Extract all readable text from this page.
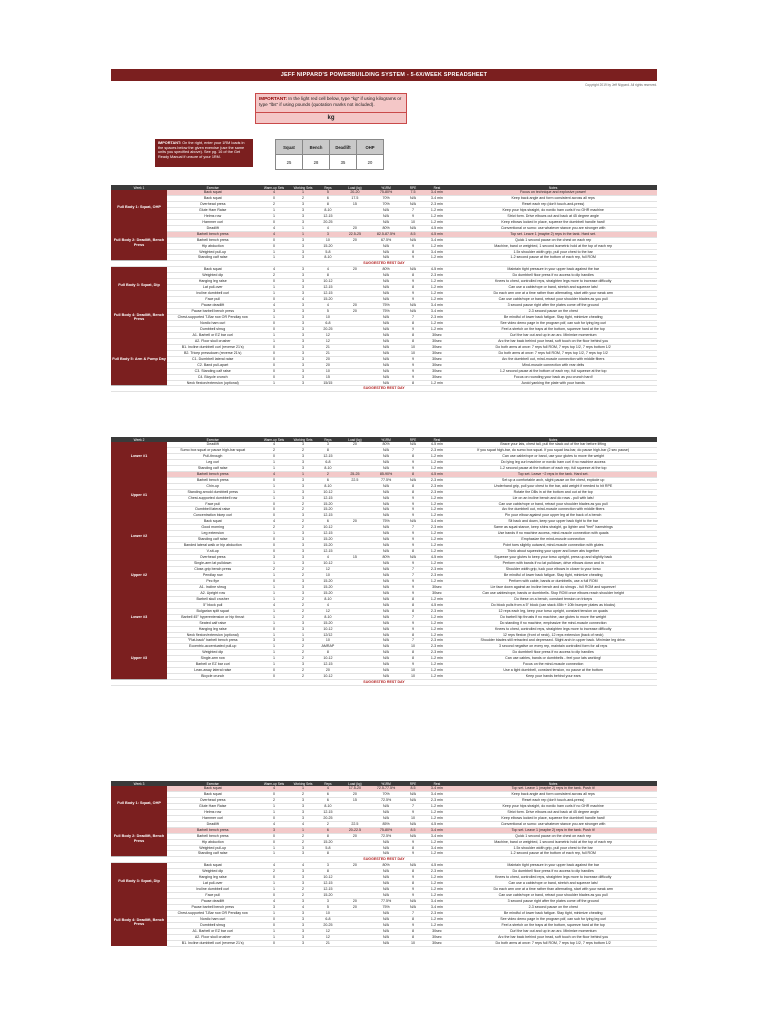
JEFF NIPPARD'S POWERBUILDING SYSTEM - 5-6X/WEEK SPREADSHEET
Copyright 2019 by Jeff Nippard. All rights reserved.
IMPORTANT: In the light red cell below, type "kg" if using kilograms or type "lbs" if using pounds (quotation marks not included).
kg
IMPORTANT: On the right, enter your 1RM loads in the spaces below the given exercise (use the same units you specified above). See pg. 16 of the Get Ready Manual if unsure of your 1RM.
Squat	Bench	Deadlift	OHP
25	28	35	20
Week 1	Exercise	Warm-up Sets	Working Sets	Reps	Load (kg)	%1RM	RPE	Rest	Notes
Full Body 1: Squat, OHP	Back squat	4	1	5	20-20	75-80%	7.5	3-4 min	Focus on technique and explosive power!
	Back squat	0	2	6	17.5	70%	N/A	3-4 min	Keep back angle and form consistent across all reps
	Overhead press	2	3	8	15	70%	N/A	2-3 min	Reset each rep (don't touch-and-press)
	Glute Ham Raise	1	3	8-10		N/A	7	1-2 min	Keep your hips straight, do nordic ham curls if no GHR machine
	Helms row	1	3	12-15		N/A	9	1-2 min	Strict form. Drive elbows out and back at 45 degree angle
	Hammer curl	0	3	20-25		N/A	10	1-2 min	Keep elbows locked in place, squeeze the dumbbell handle hard!
Full Body 2: Deadlift, Bench Press	Deadlift	4	1	4	20	80%	N/A	4-5 min	Conventional or sumo: use whatever stance you are stronger with
	Barbell bench press	4	1	3	22.5-25	82.5-87.5%	8.5	4-5 min	Top set. Leave 1 (maybe 2) reps in the tank. Hard set.
	Barbell bench press	0	3	10	20	67.5%	N/A	3-4 min	Quick 1 second pause on the chest on each rep
	Hip abduction	0	3	15-20		N/A	9	1-2 min	Machine, band or weighted, 1 second isometric hold at the top of each rep
	Weighted pull-up	1	3	5-8		N/A	8	3-4 min	1.5x shoulder width grip, pull your chest to the bar
	Standing calf raise	1	3	8-10		N/A	9	1-2 min	1-2 second pause at the bottom of each rep, full ROM
SUGGESTED REST DAY									
Full Body 3: Squat, Dip	Back squat	4	3	4	20	80%	N/A	4-5 min	Maintain tight pressure in your upper back against the bar
	Weighted dip	2	3	8		N/A	8	2-3 min	Do dumbbell floor press if no access to dip handles
	Hanging leg raise	0	3	10-12		N/A	9	1-2 min	Knees to chest, controlled reps, straighten legs more to increase difficulty
	Lat pull-over	1	3	12-15		N/A	8	1-2 min	Can use a cable/rope or band, stretch and squeeze lats!
	Incline dumbbell curl	1	3	12-15		N/A	9	1-2 min	Do each arm one at a time rather than alternating, start with your weak arm
	Face pull	0	4	15-20		N/A	9	1-2 min	Can use cable/rope or band, retract your shoulder blades as you pull
Full Body 4: Deadlift, Bench Press	Pause deadlift	4	3	4	20	75%	N/A	3-4 min	3 second pause right after the plates come off the ground
	Pause barbell bench press	3	3	5	20	75%	N/A	3-4 min	2-3 second pause on the chest
	Chest-supported T-Bar row OR Pendlay row	1	3	10		N/A	7	2-3 min	Be mindful of lower back fatigue. Stay tight, minimize cheating
	Nordic ham curl	0	3	6-8		N/A	8	1-2 min	See video demo page in the program pdf, can sub for lying leg curl
	Dumbbell shrug	0	3	20-25		N/A	9	1-2 min	Feel a stretch on the traps at the bottom, squeeze hard at the top
Full Body 5: Arm & Pump Day	A1. Barbell or EZ bar curl	1	3	12		N/A	8	30sec	Curl the bar out and up in an arc. Minimize momentum
	A2. Floor skull crusher	1	3	12		N/A	8	30sec	Arc the bar back behind your head, soft touch on the floor behind you
	B1. Incline dumbbell curl (reverse 21's)	0	3	21		N/A	10	30sec	Do both arms at once: 7 reps full ROM, 7 reps top 1/2, 7 reps bottom 1/2
	B2. Tricep pressdown (reverse 21's)	0	3	21		N/A	10	30sec	Do both arms at once: 7 reps full ROM, 7 reps top 1/2, 7 reps top 1/2
	C1. Dumbbell lateral raise	0	3	20		N/A	9	30sec	Arc the dumbbell out, mind-muscle connection with middle fibers
	C2. Band pull-apart	0	3	20		N/A	9	30sec	Mind-muscle connection with rear delts
	C3. Standing calf raise	0	3	10		N/A	9	30sec	1-2 second pause at the bottom of each rep, full squeeze at the top
	C4. Bicycle crunch	0	3	15		N/A	9	30sec	Focus on rounding your back as you crunch hard!
	Neck flexion/extension (optional)	1	3	15/15		N/A	8	1-2 min	Avoid yanking the plate with your hands
SUGGESTED REST DAY									
Week 2	Exercise	Warm-up Sets	Working Sets	Reps	Load (kg)	%1RM	RPE	Rest	Notes
Lower #1	Deadlift	4	3	3	20	80%	N/A	4-5 min	Brace your lats, chest tall, pull the slack out of the bar before lifting
	Sumo box squat or pause high-bar squat	2	2	8		N/A	7	2-3 min	If you squat high-bar, do sumo box squat. If you squat low-bar, do pause high-bar (2 sec pause)
	Pull-through	0	3	12-15		N/A	8	1-2 min	Can use cable/rope or band, use your glutes to move the weight
	Leg curl	1	3	6-8		N/A	9	1-2 min	Do lying leg curl machine or nordic ham curl if no machine access
	Standing calf raise	1	3	8-10		N/A	9	1-2 min	1-2 second pause at the bottom of each rep, full squeeze at the top
Upper #1	Barbell bench press	4	1	2	25-25	85-90%	8	4-5 min	Top set. Leave ~2 reps in the tank. Hard set.
	Barbell bench press	0	3	6	22.5	77.5%	N/A	2-3 min	Set up a comfortable arch, slight pause on the chest, explode up
	Chin-up	1	3	8-10		N/A	8	2-3 min	Underhand grip, pull your chest to the bar, add weight if needed to hit RPE
	Standing arnold dumbbell press	1	3	10-12		N/A	8	2-3 min	Rotate the DBs in at the bottom and out at the top
	Chest-supported dumbbell row	1	3	12-15		N/A	9	1-2 min	Lie on an incline bench and do rows - pull with lats!
	Face pull	0	2	15-20		N/A	9	1-2 min	Can use cable/rope or band, retract your shoulder blades as you pull
	Dumbbell lateral raise	0	2	15-20		N/A	9	1-2 min	Arc the dumbbell out, mind-muscle connection with middle fibers
	Concentration bicep curl	0	3	12-15		N/A	9	1-2 min	Pin your elbow against your upper leg at the back of a bench
Lower #2	Back squat	4	2	6	20	75%	N/A	3-4 min	Sit back and down, keep your upper back tight to the bar
	Good morning	2	2	10-12		N/A	7	2-3 min	Same as squat stance, keep shins straight, go lighter and "feel" hamstrings
	Leg extension	1	3	12-15		N/A	9	1-2 min	Use bands if no machine access, mind-muscle connection with quads
	Standing calf raise	0	3	15-20		N/A	9	1-2 min	Emphasize the mind-muscle connection
	Banded lateral walk or hip abduction	0	3	15-20		N/A	9	1-2 min	Point toes slightly outward, mind-muscle connection with glutes
	V-sit-up	0	3	12-15		N/A	8	1-2 min	Think about squeezing your upper and lower abs together
Upper #2	Overhead press	3	3	4	15	80%	N/A	4-5 min	Squeeze your glutes to keep your torso upright, press up and slightly back
	Single-arm lat pulldown	1	3	10-12		N/A	9	1-2 min	Perform with bands if no lat pulldown, drive elbows down and in
	Close-grip bench press	2	2	12		N/A	7	2-3 min	Shoulder width grip, tuck your elbows in closer to your torso
	Pendlay row	1	2	10		N/A	7	2-3 min	Be mindful of lower back fatigue. Stay tight, minimize cheating
	Pec flye	0	3	15-20		N/A	9	1-2 min	Perform with cable, bands or dumbbells, use a full ROM
	A1. Incline shrug	1	3	15-20		N/A	9	30sec	Lie face down against an incline bench and do shrugs - full ROM and squeeze!
	A2. Upright row	1	3	15-20		N/A	9	30sec	Can use cables/rope, bands or dumbbells. Stop ROM once elbows reach shoulder height
Lower #3	Barbell skull crusher	1	2	8-10		N/A	8	1-2 min	Do these on a bench, constant tension on triceps
	5" block pull	4	2	4		N/A	8	4-5 min	Do block pulls from a 5" block (can stack 45lb + 10lb bumper plates as blocks)
	Bulgarian split squat	1	2	12		N/A	8	2-3 min	12 reps each leg, keep your torso upright, constant tension on quads
	Barbell 45° hyperextension or hip thrust	1	2	8-10		N/A	7	1-2 min	Do barbell hip thrusts if no machine, use glutes to move the weight
	Seated calf raise	1	3	15-20		N/A	9	1-2 min	Do standing if no machine, emphasize the mind-muscle connection
	Hanging leg raise	0	3	10-12		N/A	9	1-2 min	Knees to chest, controlled reps, straighten legs more to increase difficulty
	Neck flexion/extension (optional)	1	1	12/12		N/A	8	1-2 min	12 reps flexion (front of neck), 12 reps extension (back of neck)
Upper #3	"Flat-back" barbell bench press	3	3	10		N/A	7	2-3 min	Shoulder blades still retracted and depressed. Slight arch in upper back. Minimize leg drive.
	Eccentric-accentuated pull-up	1	2	AMRAP		N/A	10	2-3 min	3 second negative on every rep, maintain controlled form for all reps
	Weighted dip	1	2	8		N/A	8	2-3 min	Do dumbbell floor press if no access to dip handles
	Single-arm row	1	2	10-12		N/A	8	1-2 min	Can use cables, bands or dumbbells - feel your lats working!
	Barbell or EZ bar curl	1	3	12-15		N/A	9	1-2 min	Focus on the mind-muscle connection
	Lean-away lateral raise	0	2	20		N/A	10	1-2 min	Use a light dumbbell, constant tension, no pause at the bottom
	Bicycle crunch	0	2	10-12		N/A	10	1-2 min	Keep your hands behind your ears
SUGGESTED REST DAY									
Week 3	Exercise	Warm-up Sets	Working Sets	Reps	Load (kg)	%1RM	RPE	Rest	Notes
Full Body 1: Squat, OHP	Back squat	4	1	4	17.5-20	72.5-77.5%	8.5	3-4 min	Top set. Leave 1 (maybe 2) reps in the tank. Push it!
	Back squat	0	2	6	20	70%	N/A	3-4 min	Keep back angle and form consistent across all reps
	Overhead press	2	3	6	15	72.5%	N/A	2-3 min	Reset each rep (don't touch-and-press)
	Glute Ham Raise	1	3	8-10		N/A	7	1-2 min	Keep your hips straight, do nordic ham curls if no GHR machine
	Helms row	1	3	12-15		N/A	9	1-2 min	Strict form. Drive elbows out and back at 45 degree angle
	Hammer curl	0	3	20-25		N/A	10	1-2 min	Keep elbows locked in place, squeeze the dumbbell handle hard!
Full Body 2: Deadlift, Bench Press	Deadlift	4	4	2	22.5	85%	N/A	4-5 min	Conventional or sumo: use whatever stance you are stronger with
	Barbell bench press	3	1	6	20-22.5	75-80%	8.5	3-4 min	Top set. Leave 1 (maybe 2) reps in the tank. Push it!
	Barbell bench press	0	2	8	20	72.5%	N/A	3-4 min	Quick 1 second pause on the chest on each rep
	Hip abduction	0	2	15-20		N/A	9	1-2 min	Machine, band or weighted, 1 second isometric hold at the top of each rep
	Weighted pull-up	1	3	5-8		N/A	8	3-4 min	1.5x shoulder width grip, pull your chest to the bar
	Standing calf raise	1	3	8		N/A	9	1-2 min	1-2 second pause at the bottom of each rep, full ROM
SUGGESTED REST DAY									
Full Body 3: Squat, Dip	Back squat	4	4	3	20	80%	N/A	4-5 min	Maintain tight pressure in your upper back against the bar
	Weighted dip	2	3	8		N/A	8	2-3 min	Do dumbbell floor press if no access to dip handles
	Hanging leg raise	0	3	10-12		N/A	9	1-2 min	Knees to chest, controlled reps, straighten legs more to increase difficulty
	Lat pull-over	1	3	12-15		N/A	8	1-2 min	Can use a cable/rope or band, stretch and squeeze lats!
	Incline dumbbell curl	1	2	12-15		N/A	9	1-2 min	Do each arm one at a time rather than alternating, start with your weak arm
	Face pull	0	2	15-20		N/A	9	1-2 min	Can use cable/rope or band, retract your shoulder blades as you pull
Full Body 4: Deadlift, Bench Press	Pause deadlift	4	3	3	20	77.5%	N/A	3-4 min	3 second pause right after the plates come off the ground
	Pause barbell bench press	3	4	5	20	75%	N/A	3-4 min	2-3 second pause on the chest
	Chest-supported T-Bar row OR Pendlay row	1	3	10		N/A	7	2-3 min	Be mindful of lower back fatigue. Stay tight, minimize cheating
	Nordic ham curl	0	3	6-8		N/A	8	1-2 min	See video demo page in the program pdf, can sub for lying leg curl
	Dumbbell shrug	0	3	20-25		N/A	9	1-2 min	Feel a stretch on the traps at the bottom, squeeze hard at the top
	A1. Barbell or EZ bar curl	1	3	12		N/A	8	30sec	Curl the bar out and up in an arc. Minimize momentum
	A2. Floor skull crusher	1	3	12		N/A	8	30sec	Arc the bar back behind your head, soft touch on the floor behind you
	B1. Incline dumbbell curl (reverse 21's)	0	3	21		N/A	10	30sec	Do both arms at once: 7 reps full ROM, 7 reps top 1/2, 7 reps bottom 1/2
